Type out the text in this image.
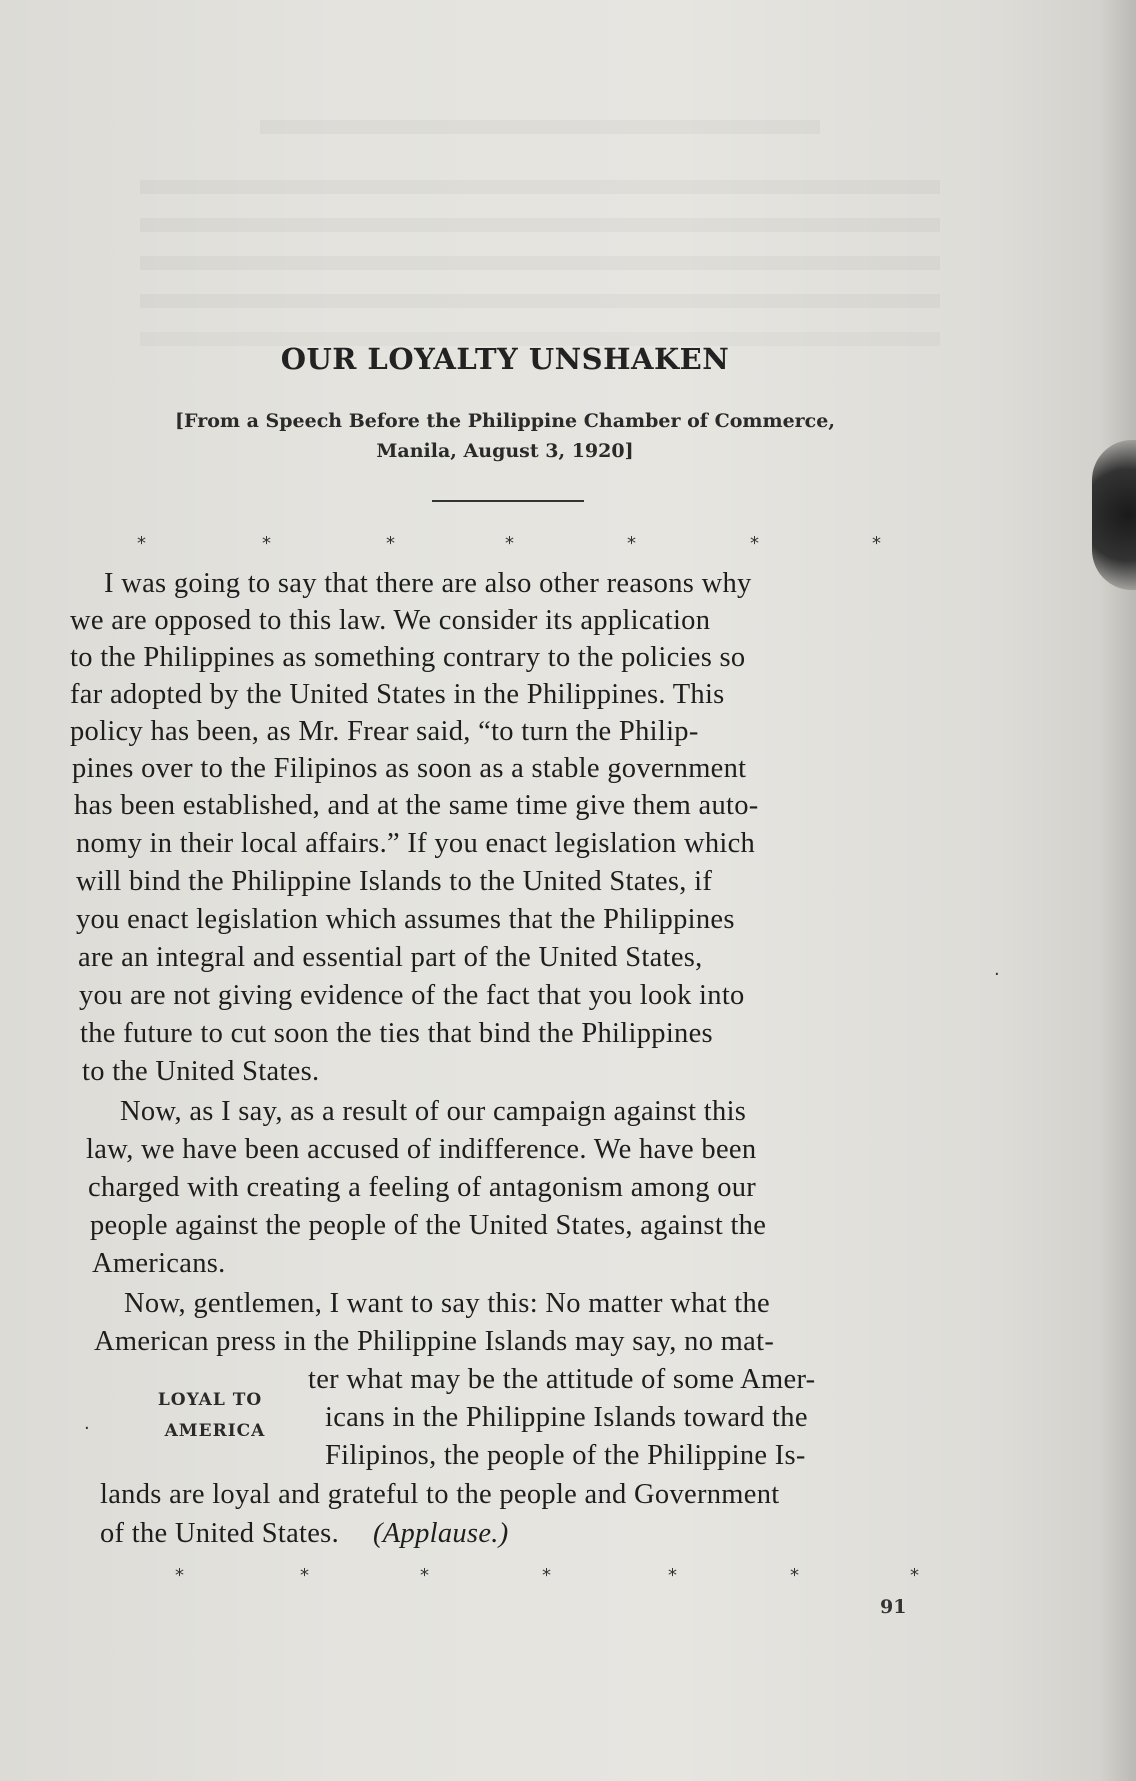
OUR LOYALTY UNSHAKEN
[From a Speech Before the Philippine Chamber of Commerce,
Manila, August 3, 1920]
*	*	*	*	*	*	*
I was going to say that there are also other reasons why
we are opposed to this law. We consider its application
to the Philippines as something contrary to the policies so
far adopted by the United States in the Philippines. This
policy has been, as Mr. Frear said, “to turn the Philip-
pines over to the Filipinos as soon as a stable government
has been established, and at the same time give them auto-
nomy in their local affairs.” If you enact legislation which
will bind the Philippine Islands to the United States, if
you enact legislation which assumes that the Philippines
are an integral and essential part of the United States,
you are not giving evidence of the fact that you look into
the future to cut soon the ties that bind the Philippines
to the United States.
Now, as I say, as a result of our campaign against this
law, we have been accused of indifference. We have been
charged with creating a feeling of antagonism among our
people against the people of the United States, against the
Americans.
Now, gentlemen, I want to say this: No matter what the
American press in the Philippine Islands may say, no mat-
ter what may be the attitude of some Amer-
icans in the Philippine Islands toward the
Filipinos, the people of the Philippine Is-
lands are loyal and grateful to the people and Government
of the United States. (Applause.)
LOYAL TO
AMERICA
·
·
*	*	*	*	*	*	*
91
